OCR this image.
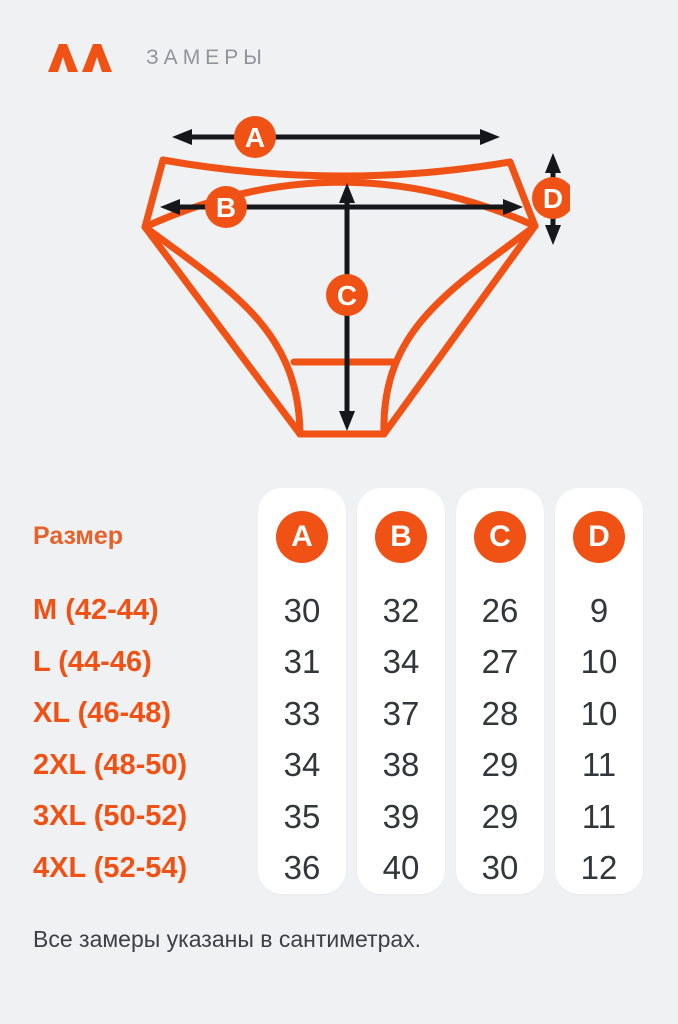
ЗАМЕРЫ
A
B
C
D
Размер
M (42-44)
L (44-46)
XL (46-48)
2XL (48-50)
3XL (50-52)
4XL (52-54)
A
30
31
33
34
35
36
B
32
34
37
38
39
40
C
26
27
28
29
29
30
D
9
10
10
11
11
12
Все замеры указаны в сантиметрах.
